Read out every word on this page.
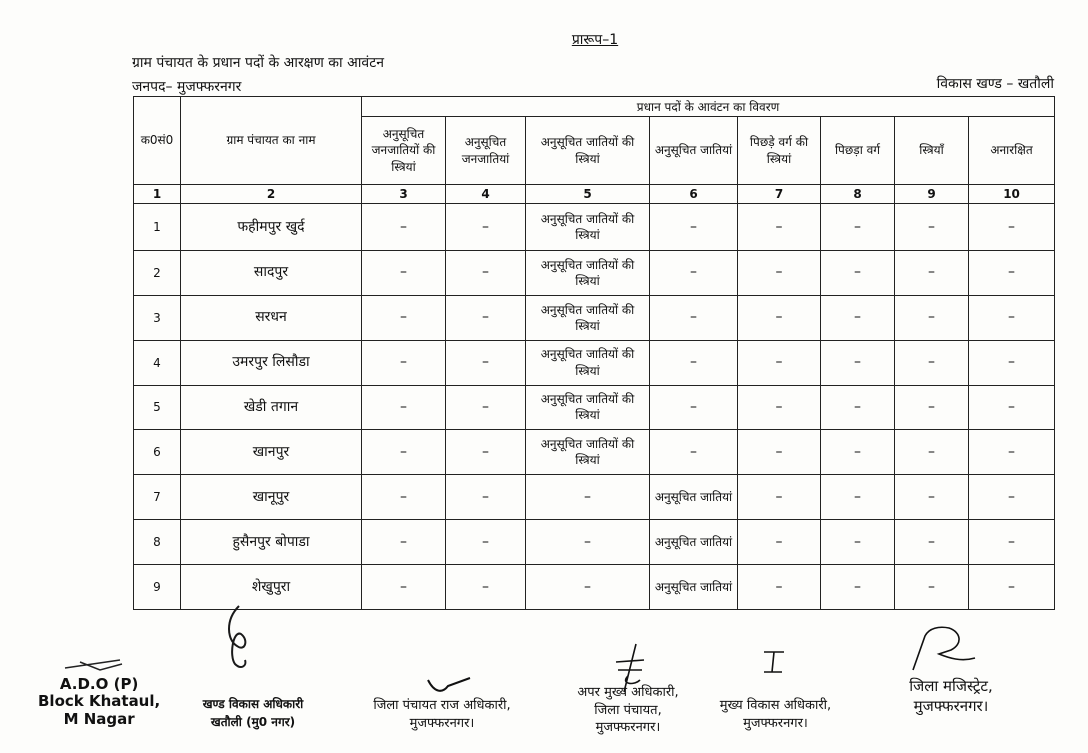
प्रारूप–1
ग्राम पंचायत के प्रधान पदों के आरक्षण का आवंटन
जनपद– मुजफ्फरनगर	विकास खण्ड – खतौली
क0सं0	ग्राम पंचायत का नाम	प्रधान पदों के आवंटन का विवरण							
		अनुसूचित जनजातियों की स्त्रियां	अनुसूचित जनजातियां	अनुसूचित जातियों की स्त्रियां	अनुसूचित जातियां	पिछड़े वर्ग की स्त्रियां	पिछड़ा वर्ग	स्त्रियाँ	अनारक्षित
1	2	3	4	5	6	7	8	9	10
1	फहीमपुर खुर्द	–	–	अनुसूचित जातियों की स्त्रियां	–	–	–	–	–
2	सादपुर	–	–	अनुसूचित जातियों की स्त्रियां	–	–	–	–	–
3	सरधन	–	–	अनुसूचित जातियों की स्त्रियां	–	–	–	–	–
4	उमरपुर लिसौडा	–	–	अनुसूचित जातियों की स्त्रियां	–	–	–	–	–
5	खेडी तगान	–	–	अनुसूचित जातियों की स्त्रियां	–	–	–	–	–
6	खानपुर	–	–	अनुसूचित जातियों की स्त्रियां	–	–	–	–	–
7	खानूपुर	–	–	–	अनुसूचित जातियां	–	–	–	–
8	हुसैनपुर बोपाडा	–	–	–	अनुसूचित जातियां	–	–	–	–
9	शेखुपुरा	–	–	–	अनुसूचित जातियां	–	–	–	–
A.D.O (P)
Block Khataul,
M Nagar
खण्ड विकास अधिकारी
खतौली (मु0 नगर)
जिला पंचायत राज अधिकारी,
मुजफ्फरनगर।
अपर मुख्य अधिकारी,
जिला पंचायत,
मुजफ्फरनगर।
मुख्य विकास अधिकारी,
मुजफ्फरनगर।
जिला मजिस्ट्रेट,
मुजफ्फरनगर।
